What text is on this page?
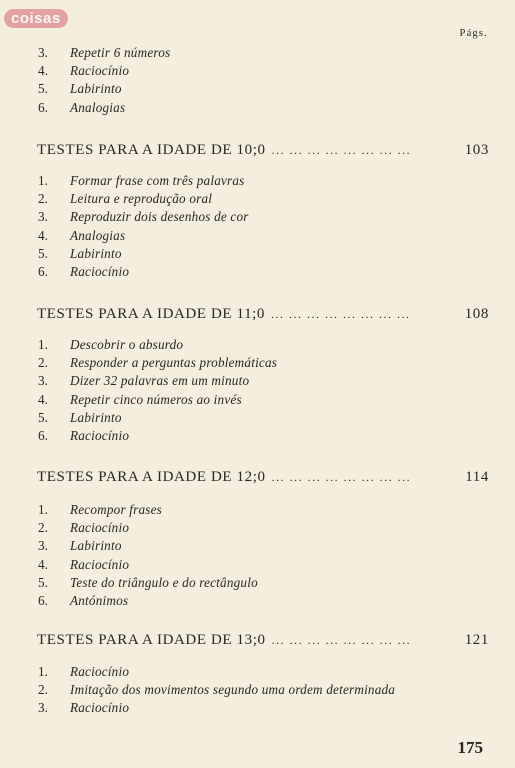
coisas
Págs.
3. Repetir 6 números
4. Raciocínio
5. Labirinto
6. Analogias
TESTES PARA A IDADE DE 10;0 ... ... ... ... ... ... ... ...	103
1. Formar frase com três palavras
2. Leitura e reprodução oral
3. Reproduzir dois desenhos de cor
4. Analogias
5. Labirinto
6. Raciocínio
TESTES PARA A IDADE DE 11;0 ... ... ... ... ... ... ... ...	108
1. Descobrir o absurdo
2. Responder a perguntas problemáticas
3. Dizer 32 palavras em um minuto
4. Repetir cinco números ao invés
5. Labirinto
6. Raciocínio
TESTES PARA A IDADE DE 12;0 ... ... ... ... ... ... ... ...	114
1. Recompor frases
2. Raciocínio
3. Labirinto
4. Raciocínio
5. Teste do triângulo e do rectângulo
6. Antónimos
TESTES PARA A IDADE DE 13;0 ... ... ... ... ... ... ... ...	121
1. Raciocínio
2. Imitação dos movimentos segundo uma ordem determinada
3. Raciocínio
175
